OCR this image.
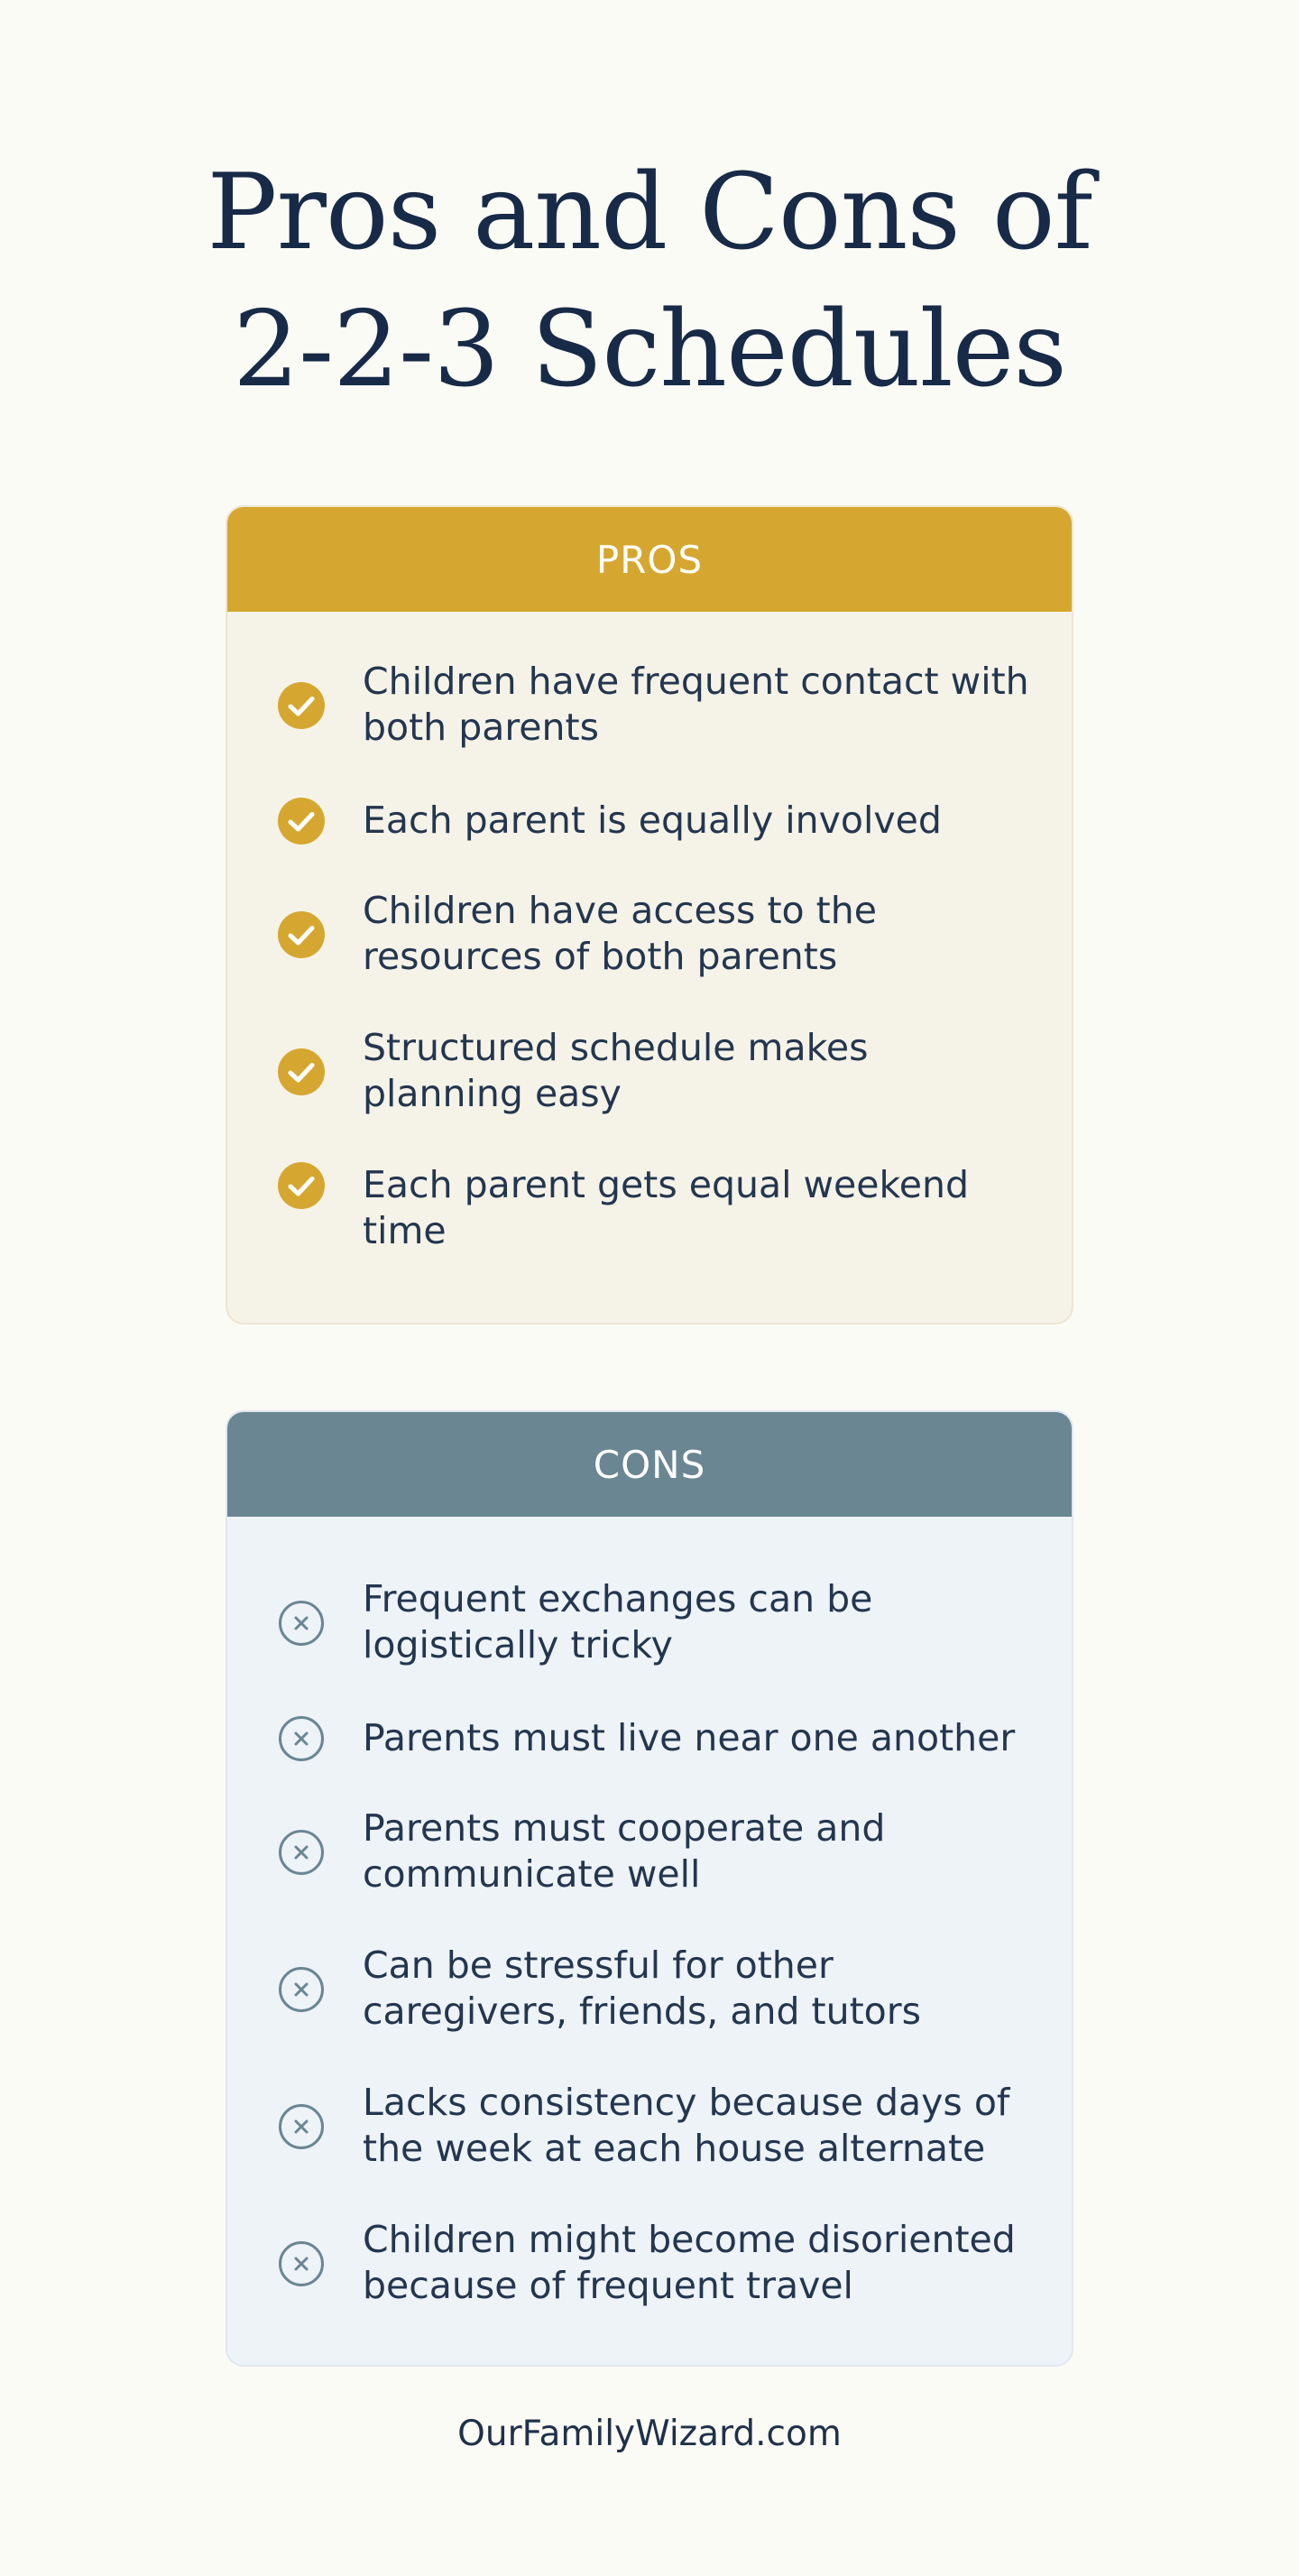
Pros and Cons of
2-2-3 Schedules
PROS
Children have frequent contact with both parents
Each parent is equally involved
Children have access to the resources of both parents
Structured schedule makes planning easy
Each parent gets equal weekend time
CONS
Frequent exchanges can be logistically tricky
Parents must live near one another
Parents must cooperate and communicate well
Can be stressful for other caregivers, friends, and tutors
Lacks consistency because days of the week at each house alternate
Children might become disoriented because of frequent travel
OurFamilyWizard.com
